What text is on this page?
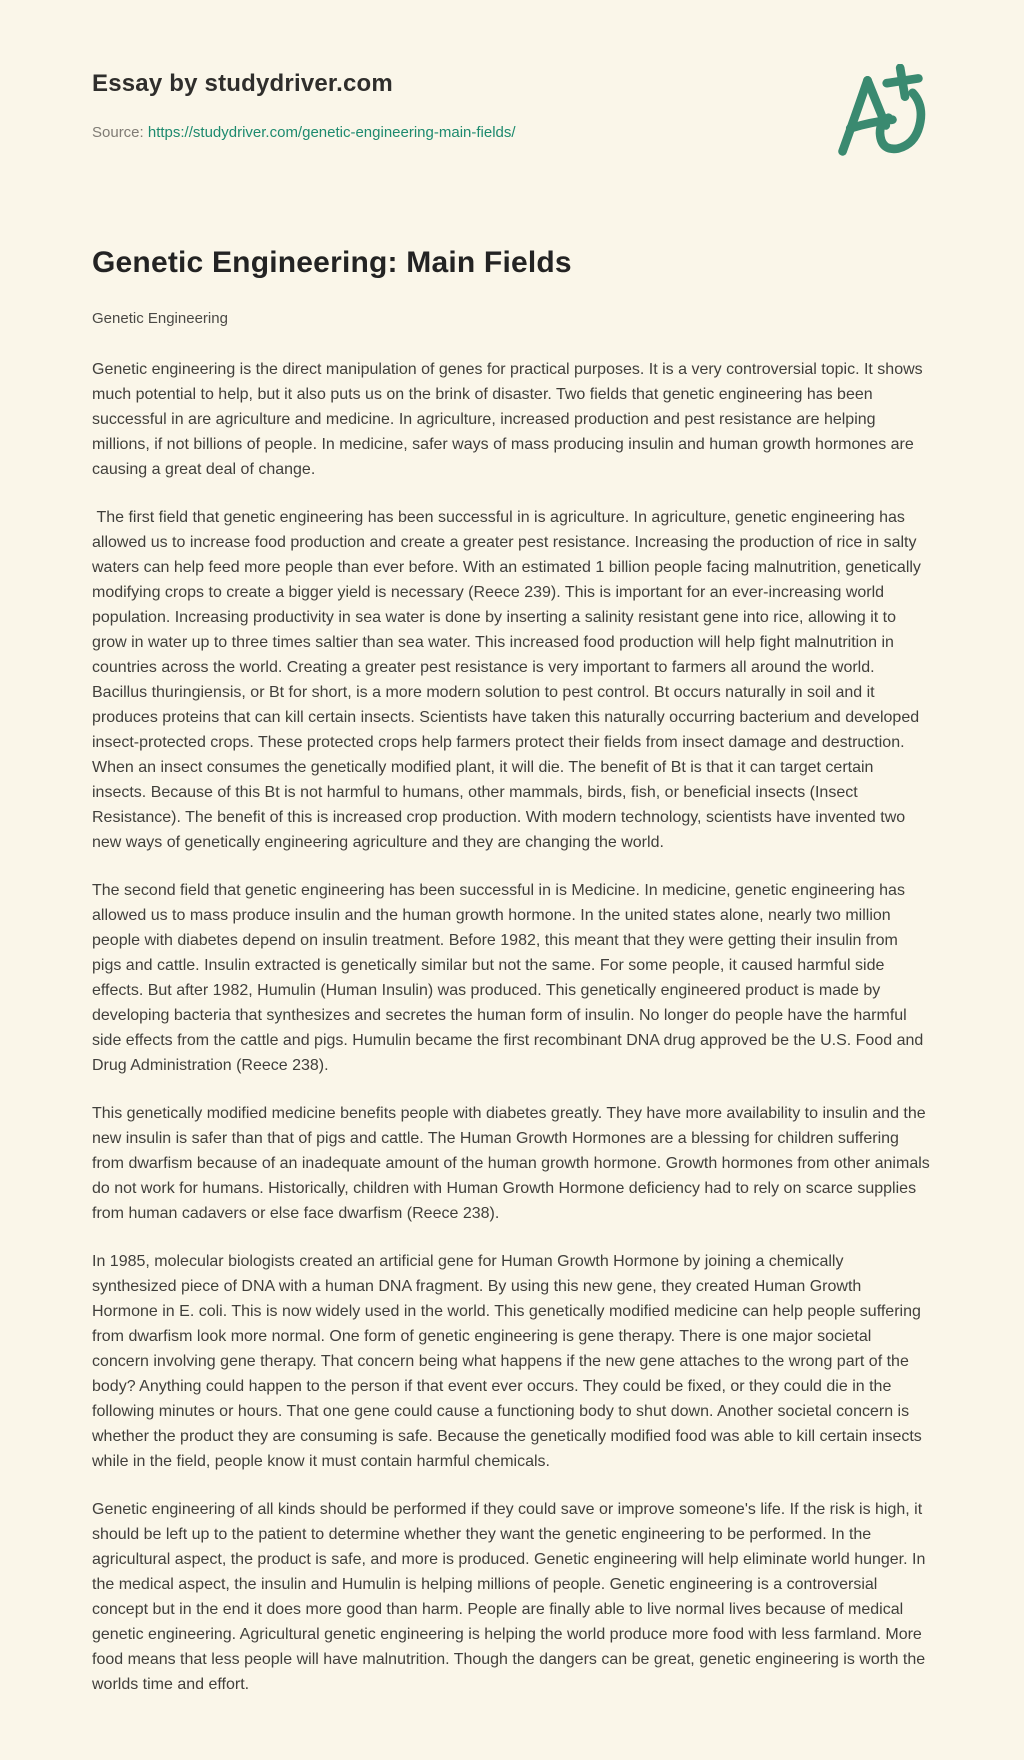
Essay by studydriver.com
Source: https://studydriver.com/genetic-engineering-main-fields/
Genetic Engineering: Main Fields
Genetic Engineering

Genetic engineering is the direct manipulation of genes for practical purposes. It is a very controversial topic. It shows much potential to help, but it also puts us on the brink of disaster. Two fields that genetic engineering has been successful in are agriculture and medicine. In agriculture, increased production and pest resistance are helping millions, if not billions of people. In medicine, safer ways of mass producing insulin and human growth hormones are causing a great deal of change.

The first field that genetic engineering has been successful in is agriculture. In agriculture, genetic engineering has allowed us to increase food production and create a greater pest resistance. Increasing the production of rice in salty waters can help feed more people than ever before. With an estimated 1 billion people facing malnutrition, genetically modifying crops to create a bigger yield is necessary (Reece 239). This is important for an ever-increasing world population. Increasing productivity in sea water is done by inserting a salinity resistant gene into rice, allowing it to grow in water up to three times saltier than sea water. This increased food production will help fight malnutrition in countries across the world. Creating a greater pest resistance is very important to farmers all around the world. Bacillus thuringiensis, or Bt for short, is a more modern solution to pest control. Bt occurs naturally in soil and it produces proteins that can kill certain insects. Scientists have taken this naturally occurring bacterium and developed insect-protected crops. These protected crops help farmers protect their fields from insect damage and destruction. When an insect consumes the genetically modified plant, it will die. The benefit of Bt is that it can target certain insects. Because of this Bt is not harmful to humans, other mammals, birds, fish, or beneficial insects (Insect Resistance). The benefit of this is increased crop production. With modern technology, scientists have invented two new ways of genetically engineering agriculture and they are changing the world.

The second field that genetic engineering has been successful in is Medicine. In medicine, genetic engineering has allowed us to mass produce insulin and the human growth hormone. In the united states alone, nearly two million people with diabetes depend on insulin treatment. Before 1982, this meant that they were getting their insulin from pigs and cattle. Insulin extracted is genetically similar but not the same. For some people, it caused harmful side effects. But after 1982, Humulin (Human Insulin) was produced. This genetically engineered product is made by developing bacteria that synthesizes and secretes the human form of insulin. No longer do people have the harmful side effects from the cattle and pigs. Humulin became the first recombinant DNA drug approved be the U.S. Food and Drug Administration (Reece 238).

This genetically modified medicine benefits people with diabetes greatly. They have more availability to insulin and the new insulin is safer than that of pigs and cattle. The Human Growth Hormones are a blessing for children suffering from dwarfism because of an inadequate amount of the human growth hormone. Growth hormones from other animals do not work for humans. Historically, children with Human Growth Hormone deficiency had to rely on scarce supplies from human cadavers or else face dwarfism (Reece 238).

In 1985, molecular biologists created an artificial gene for Human Growth Hormone by joining a chemically synthesized piece of DNA with a human DNA fragment. By using this new gene, they created Human Growth Hormone in E. coli. This is now widely used in the world. This genetically modified medicine can help people suffering from dwarfism look more normal. One form of genetic engineering is gene therapy. There is one major societal concern involving gene therapy. That concern being what happens if the new gene attaches to the wrong part of the body? Anything could happen to the person if that event ever occurs. They could be fixed, or they could die in the following minutes or hours. That one gene could cause a functioning body to shut down. Another societal concern is whether the product they are consuming is safe. Because the genetically modified food was able to kill certain insects while in the field, people know it must contain harmful chemicals.

Genetic engineering of all kinds should be performed if they could save or improve someone's life. If the risk is high, it should be left up to the patient to determine whether they want the genetic engineering to be performed. In the agricultural aspect, the product is safe, and more is produced. Genetic engineering will help eliminate world hunger. In the medical aspect, the insulin and Humulin is helping millions of people. Genetic engineering is a controversial concept but in the end it does more good than harm. People are finally able to live normal lives because of medical genetic engineering. Agricultural genetic engineering is helping the world produce more food with less farmland. More food means that less people will have malnutrition. Though the dangers can be great, genetic engineering is worth the worlds time and effort.
